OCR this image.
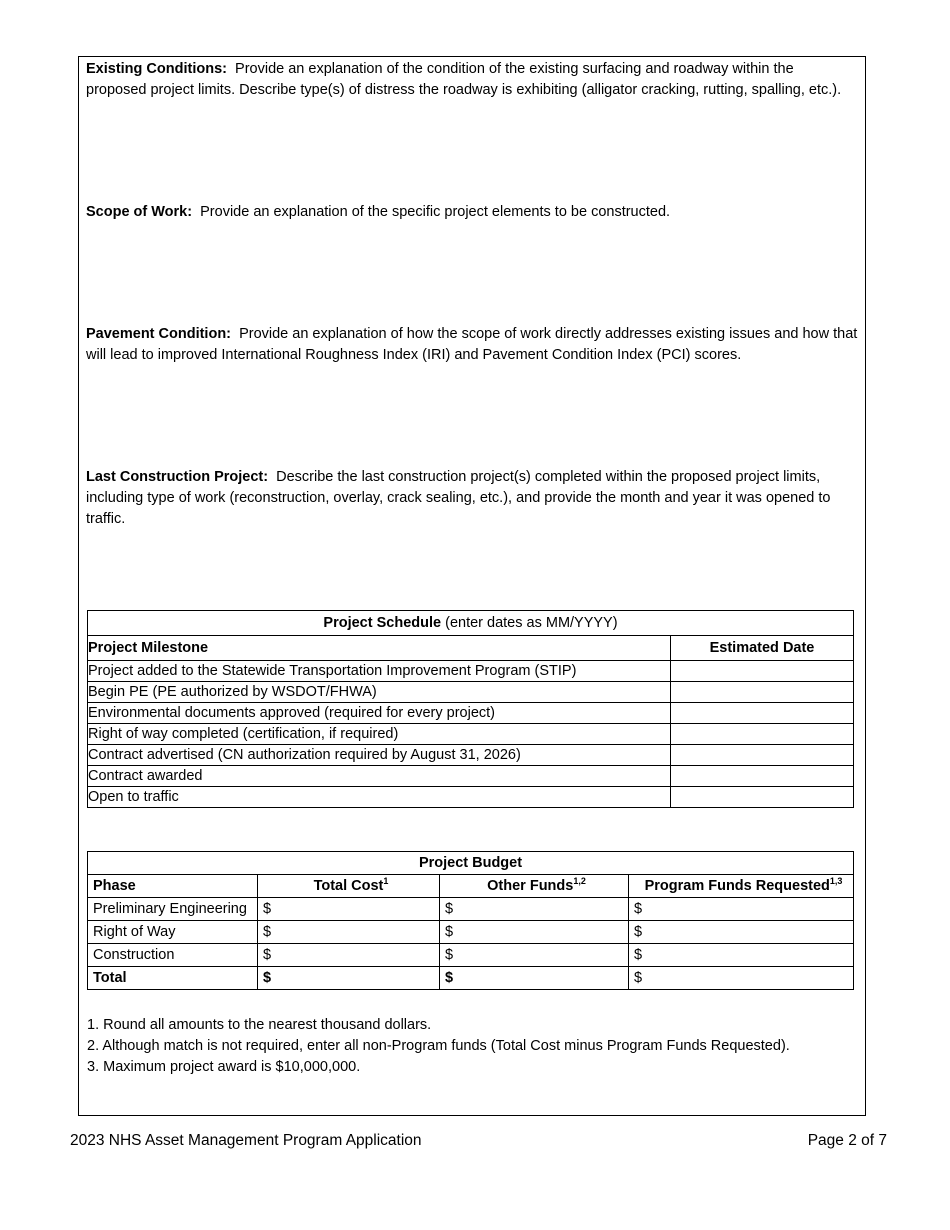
Existing Conditions: Provide an explanation of the condition of the existing surfacing and roadway within the proposed project limits. Describe type(s) of distress the roadway is exhibiting (alligator cracking, rutting, spalling, etc.).
Scope of Work: Provide an explanation of the specific project elements to be constructed.
Pavement Condition: Provide an explanation of how the scope of work directly addresses existing issues and how that will lead to improved International Roughness Index (IRI) and Pavement Condition Index (PCI) scores.
Last Construction Project: Describe the last construction project(s) completed within the proposed project limits, including type of work (reconstruction, overlay, crack sealing, etc.), and provide the month and year it was opened to traffic.
Project Schedule (enter dates as MM/YYYY)	
Project Milestone	Estimated Date
Project added to the Statewide Transportation Improvement Program (STIP)	
Begin PE (PE authorized by WSDOT/FHWA)	
Environmental documents approved (required for every project)	
Right of way completed (certification, if required)	
Contract advertised (CN authorization required by August 31, 2026)	
Contract awarded	
Open to traffic	
Project Budget			
Phase	Total Cost$^1$	Other Funds$^{1,2}$	Program Funds Requested$^{1,3}$
Preliminary Engineering	$	$	$
Right of Way	$	$	$
Construction	$	$	$
Total	$	$	$
1. Round all amounts to the nearest thousand dollars.
2. Although match is not required, enter all non-Program funds (Total Cost minus Program Funds Requested).
3. Maximum project award is $10,000,000.
2023 NHS Asset Management Program Application	Page 2 of 7
